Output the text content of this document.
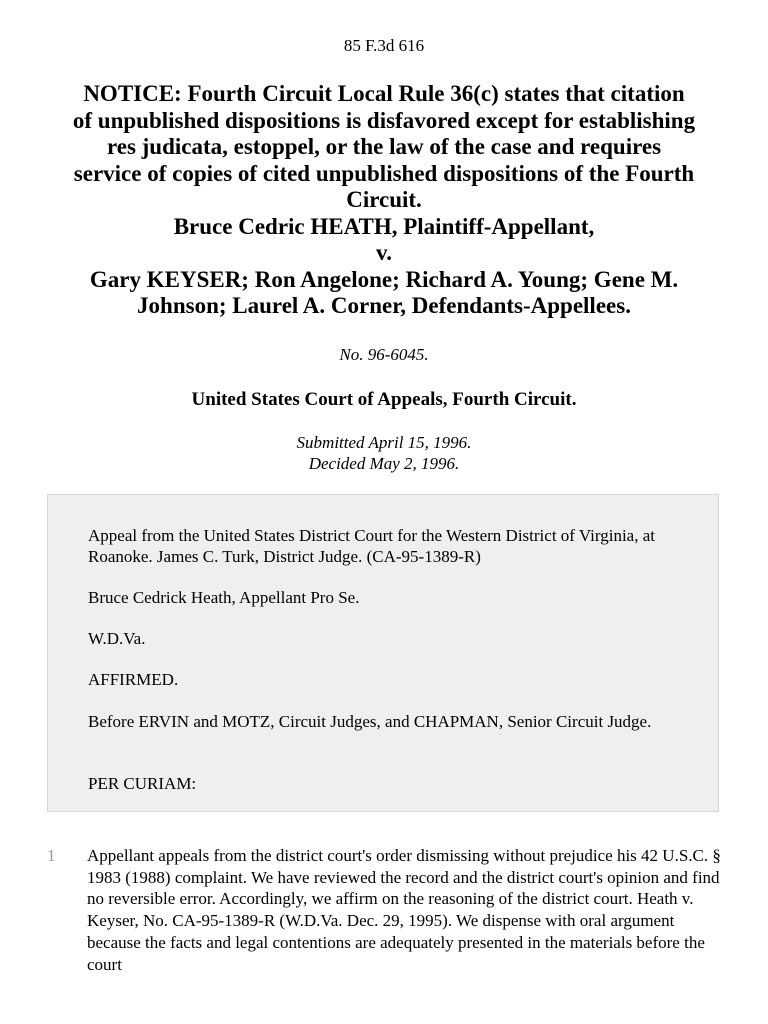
85 F.3d 616
NOTICE: Fourth Circuit Local Rule 36(c) states that citation
of unpublished dispositions is disfavored except for establishing
res judicata, estoppel, or the law of the case and requires
service of copies of cited unpublished dispositions of the Fourth
Circuit.
Bruce Cedric HEATH, Plaintiff-Appellant,
v.
Gary KEYSER; Ron Angelone; Richard A. Young; Gene M.
Johnson; Laurel A. Corner, Defendants-Appellees.
No. 96-6045.
United States Court of Appeals, Fourth Circuit.
Submitted April 15, 1996.
Decided May 2, 1996.

Appeal from the United States District Court for the Western District of Virginia, at Roanoke. James C. Turk, District Judge. (CA-95-1389-R)

Bruce Cedrick Heath, Appellant Pro Se.

W.D.Va.

AFFIRMED.

Before ERVIN and MOTZ, Circuit Judges, and CHAPMAN, Senior Circuit Judge.

PER CURIAM:

1 Appellant appeals from the district court's order dismissing without prejudice his 42 U.S.C. § 1983 (1988) complaint. We have reviewed the record and the district court's opinion and find no reversible error. Accordingly, we affirm on the reasoning of the district court. Heath v. Keyser, No. CA-95-1389-R (W.D.Va. Dec. 29, 1995). We dispense with oral argument because the facts and legal contentions are adequately presented in the materials before the court
